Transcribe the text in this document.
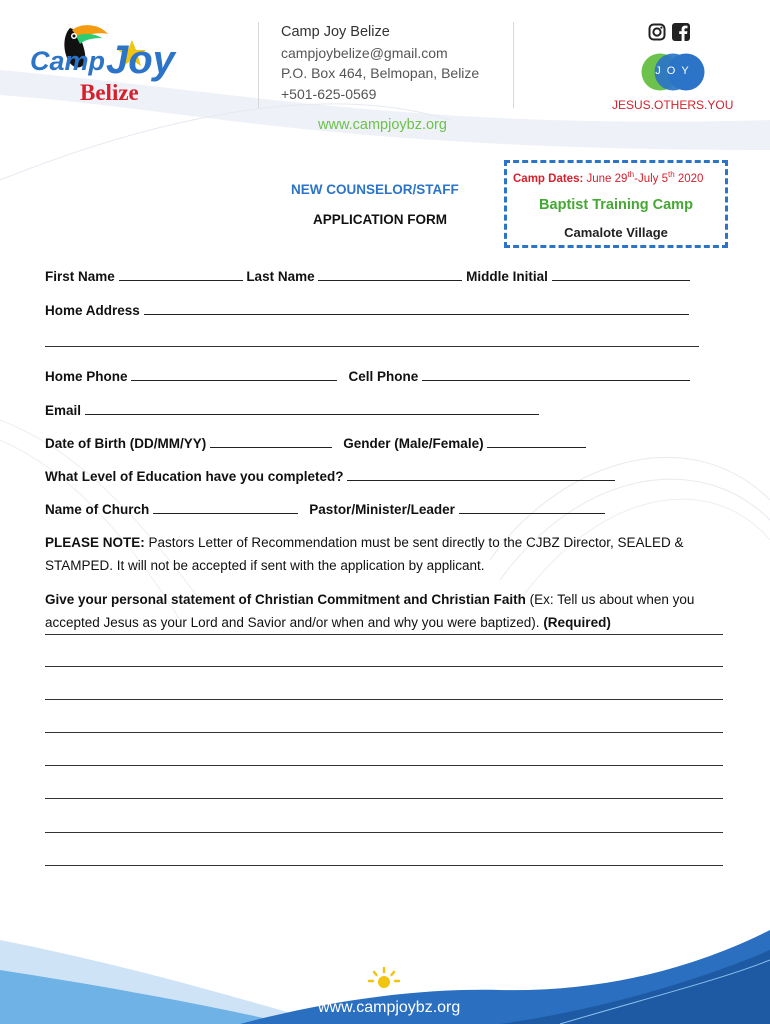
Camp Joy
Belize
Camp Joy Belize
campjoybelize@gmail.com
P.O. Box 464, Belmopan, Belize
+501-625-0569
www.campjoybz.org
JOY
JESUS.OTHERS.YOU
NEW COUNSELOR/STAFF
APPLICATION FORM
Camp Dates: June 29th-July 5th 2020
Baptist Training Camp
Camalote Village
First Name	Last Name	Middle Initial
Home Address
Home Phone	Cell Phone
Email
Date of Birth (DD/MM/YY)	Gender (Male/Female)
What Level of Education have you completed?
Name of Church	Pastor/Minister/Leader
PLEASE NOTE: Pastors Letter of Recommendation must be sent directly to the CJBZ Director, SEALED &
STAMPED. It will not be accepted if sent with the application by applicant.
Give your personal statement of Christian Commitment and Christian Faith (Ex: Tell us about when you
accepted Jesus as your Lord and Savior and/or when and why you were baptized). (Required)
www.campjoybz.org
